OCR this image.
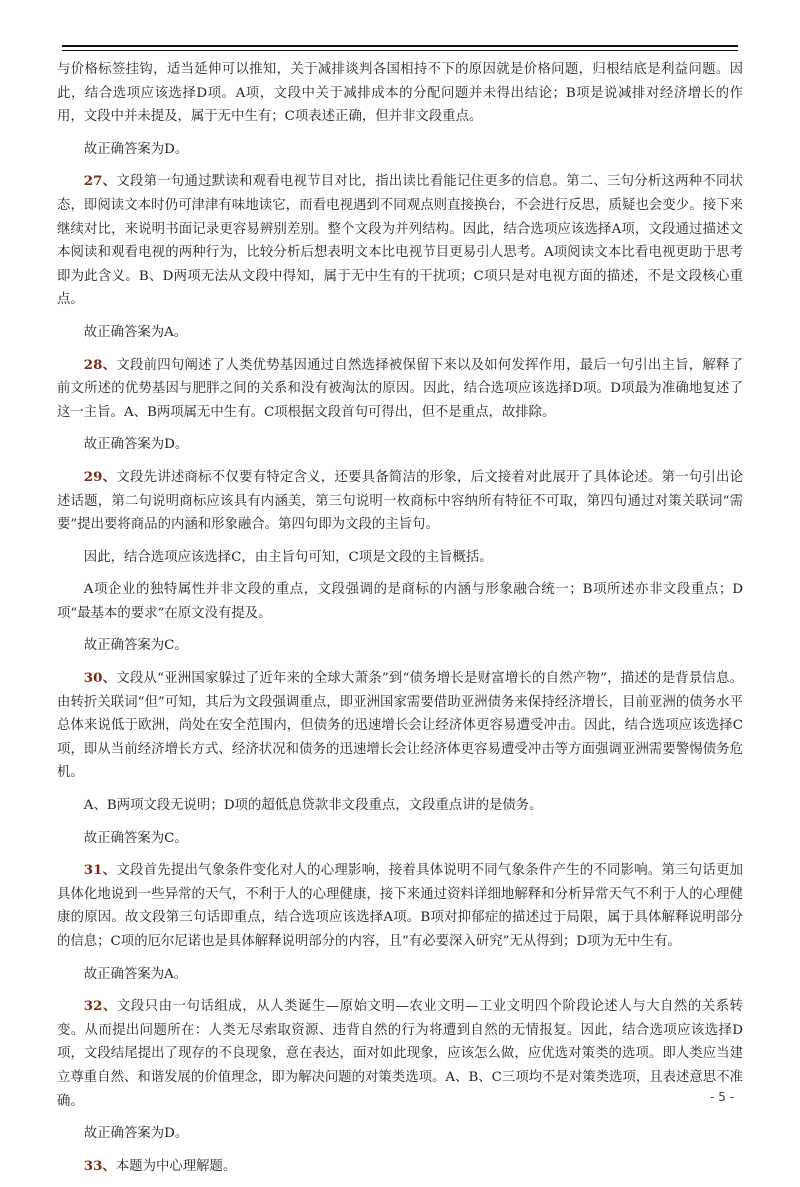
与价格标签挂钩，适当延伸可以推知，关于减排谈判各国相持不下的原因就是价格问题，归根结底是利益问题。因此，结合选项应该选择D项。A项，文段中关于减排成本的分配问题并未得出结论；B项是说减排对经济增长的作用，文段中并未提及，属于无中生有；C项表述正确，但并非文段重点。

故正确答案为D。

27、文段第一句通过默读和观看电视节目对比，指出读比看能记住更多的信息。第二、三句分析这两种不同状态，即阅读文本时仍可津津有味地读它，而看电视遇到不同观点则直接换台，不会进行反思，质疑也会变少。接下来继续对比，来说明书面记录更容易辨别差别。整个文段为并列结构。因此，结合选项应该选择A项，文段通过描述文本阅读和观看电视的两种行为，比较分析后想表明文本比电视节目更易引人思考。A项阅读文本比看电视更助于思考即为此含义。B、D两项无法从文段中得知，属于无中生有的干扰项；C项只是对电视方面的描述，不是文段核心重点。

故正确答案为A。

28、文段前四句阐述了人类优势基因通过自然选择被保留下来以及如何发挥作用，最后一句引出主旨，解释了前文所述的优势基因与肥胖之间的关系和没有被淘汰的原因。因此，结合选项应该选择D项。D项最为准确地复述了这一主旨。A、B两项属无中生有。C项根据文段首句可得出，但不是重点，故排除。

故正确答案为D。

29、文段先讲述商标不仅要有特定含义，还要具备简洁的形象，后文接着对此展开了具体论述。第一句引出论述话题，第二句说明商标应该具有内涵美，第三句说明一枚商标中容纳所有特征不可取，第四句通过对策关联词“需要”提出要将商品的内涵和形象融合。第四句即为文段的主旨句。

因此，结合选项应该选择C，由主旨句可知，C项是文段的主旨概括。

A项企业的独特属性并非文段的重点，文段强调的是商标的内涵与形象融合统一；B项所述亦非文段重点；D项“最基本的要求”在原文没有提及。

故正确答案为C。

30、文段从“亚洲国家躲过了近年来的全球大萧条”到“债务增长是财富增长的自然产物”，描述的是背景信息。由转折关联词“但”可知，其后为文段强调重点，即亚洲国家需要借助亚洲债务来保持经济增长，目前亚洲的债务水平总体来说低于欧洲，尚处在安全范围内，但债务的迅速增长会让经济体更容易遭受冲击。因此，结合选项应该选择C项，即从当前经济增长方式、经济状况和债务的迅速增长会让经济体更容易遭受冲击等方面强调亚洲需要警惕债务危机。

A、B两项文段无说明；D项的超低息贷款非文段重点，文段重点讲的是债务。

故正确答案为C。

31、文段首先提出气象条件变化对人的心理影响，接着具体说明不同气象条件产生的不同影响。第三句话更加具体化地说到一些异常的天气，不利于人的心理健康，接下来通过资料详细地解释和分析异常天气不利于人的心理健康的原因。故文段第三句话即重点，结合选项应该选择A项。B项对抑郁症的描述过于局限，属于具体解释说明部分的信息；C项的厄尔尼诺也是具体解释说明部分的内容，且“有必要深入研究”无从得到；D项为无中生有。

故正确答案为A。

32、文段只由一句话组成，从人类诞生—原始文明—农业文明—工业文明四个阶段论述人与大自然的关系转变。从而提出问题所在：人类无尽索取资源、违背自然的行为将遭到自然的无情报复。因此，结合选项应该选择D项，文段结尾提出了现存的不良现象，意在表达，面对如此现象，应该怎么做，应优选对策类的选项。即人类应当建立尊重自然、和谐发展的价值理念，即为解决问题的对策类选项。A、B、C三项均不是对策类选项，且表述意思不准确。

故正确答案为D。

33、本题为中心理解题。

- 5 -
